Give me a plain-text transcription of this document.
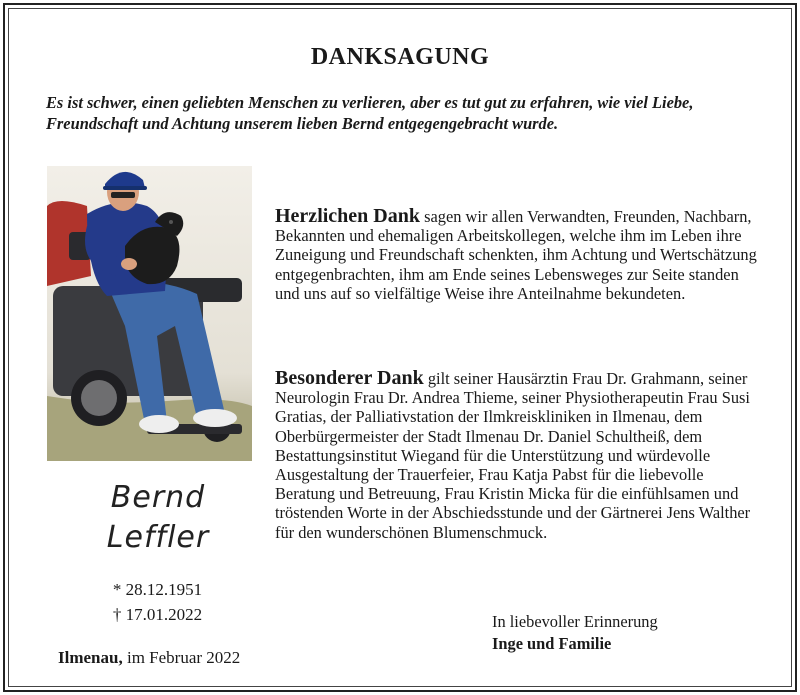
DANKSAGUNG
Es ist schwer, einen geliebten Menschen zu verlieren, aber es tut gut zu erfahren, wie viel Liebe, Freundschaft und Achtung unserem lieben Bernd entgegengebracht wurde.
Bernd
Leffler
* 28.12.1951
† 17.01.2022
Ilmenau, im Februar 2022
Herzlichen Dank sagen wir allen Verwandten, Freunden, Nachbarn, Bekannten und ehemaligen Arbeitskollegen, welche ihm im Leben ihre Zuneigung und Freundschaft schenkten, ihm Achtung und Wertschätzung entgegenbrachten, ihm am Ende seines Lebensweges zur Seite standen und uns auf so vielfältige Weise ihre Anteilnahme bekundeten.
Besonderer Dank gilt seiner Hausärztin Frau Dr. Grahmann, seiner Neurologin Frau Dr. Andrea Thieme, seiner Physiotherapeutin Frau Susi Gratias, der Palliativstation der Ilmkreiskliniken in Ilmenau, dem Oberbürgermeister der Stadt Ilmenau Dr. Daniel Schultheiß, dem Bestattungsinstitut Wiegand für die Unterstützung und würdevolle Ausgestaltung der Trauerfeier, Frau Katja Pabst für die liebevolle Beratung und Betreuung, Frau Kristin Micka für die einfühlsamen und tröstenden Worte in der Abschiedsstunde und der Gärtnerei Jens Walther für den wunderschönen Blumenschmuck.
In liebevoller Erinnerung
Inge und Familie
